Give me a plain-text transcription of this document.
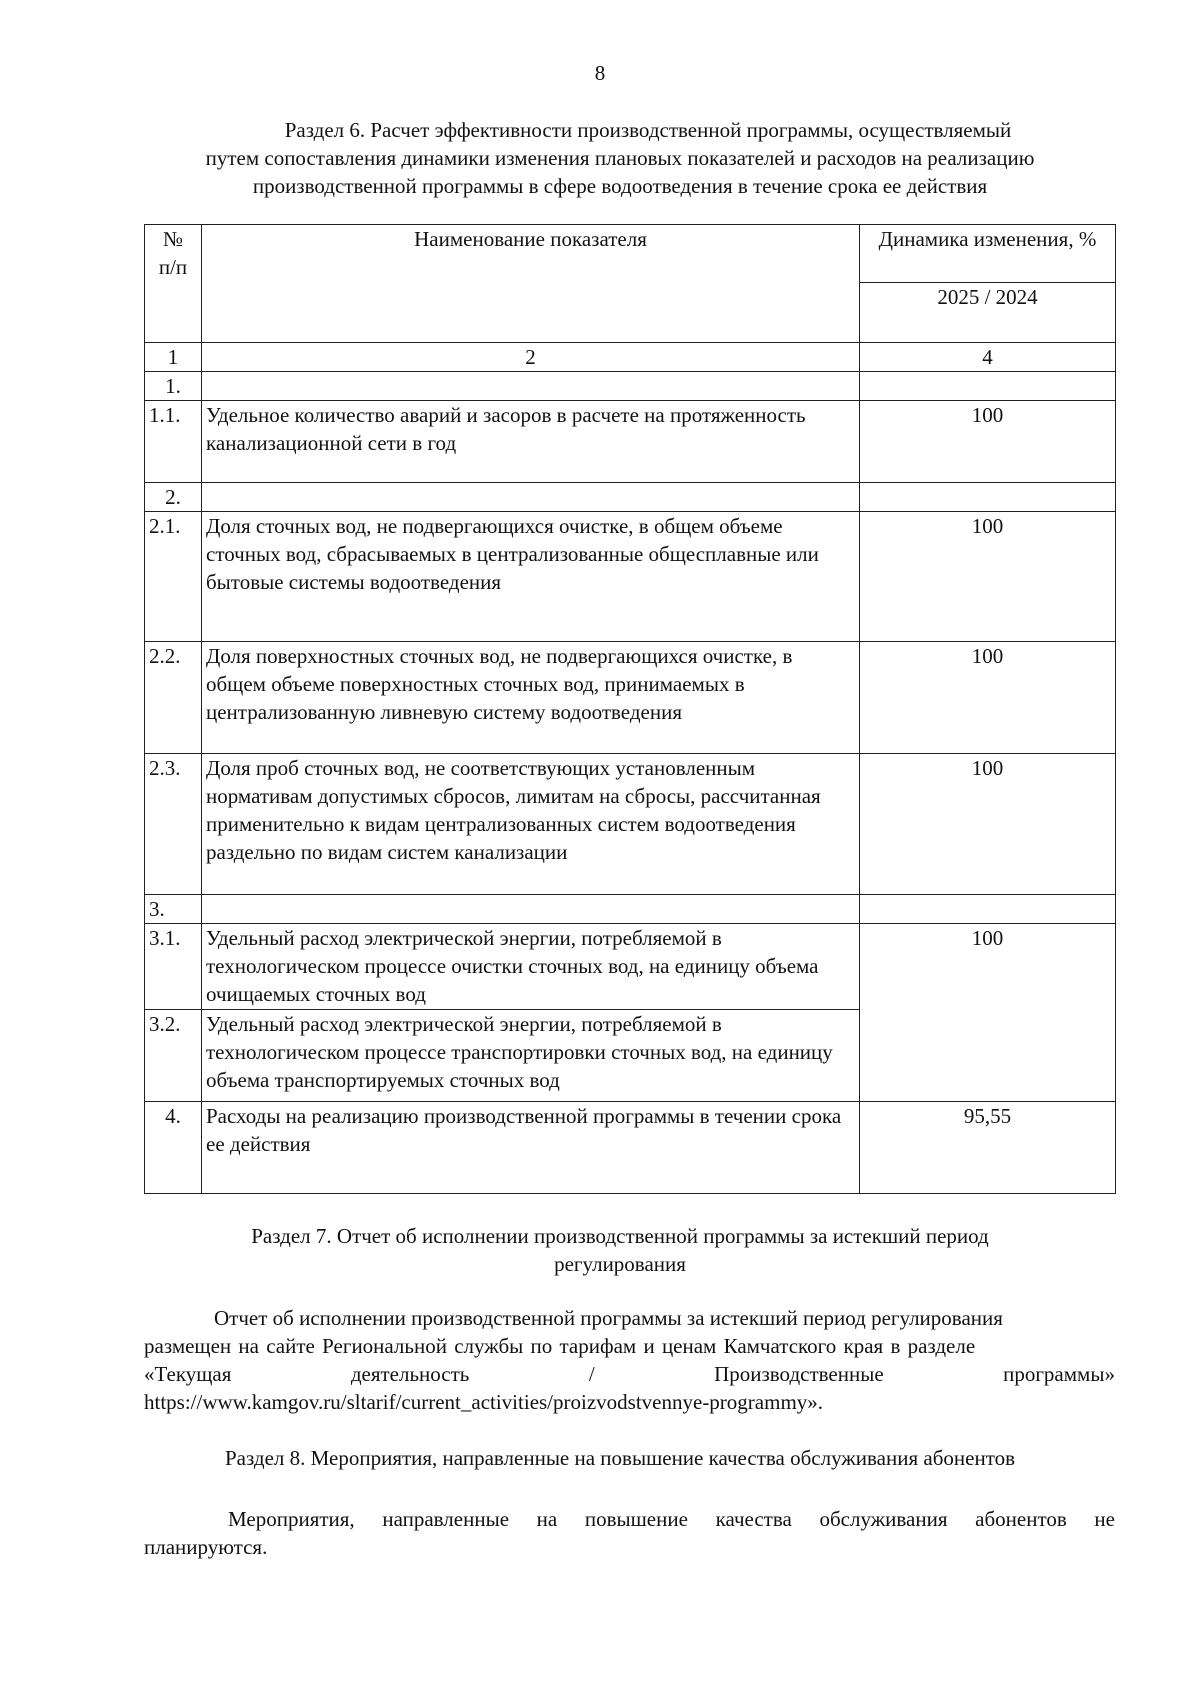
8
Раздел 6. Расчет эффективности производственной программы, осуществляемый
путем сопоставления динамики изменения плановых показателей и расходов на реализацию
производственной программы в сфере водоотведения в течение срока ее действия
№ п/п	Наименование показателя	Динамика изменения, %
		2025 / 2024
1	2	4
1.		
1.1.	Удельное количество аварий и засоров в расчете на протяженность канализационной сети в год	100
2.		
2.1.	Доля сточных вод, не подвергающихся очистке, в общем объеме сточных вод, сбрасываемых в централизованные общесплавные или бытовые системы водоотведения	100
2.2.	Доля поверхностных сточных вод, не подвергающихся очистке, в общем объеме поверхностных сточных вод, принимаемых в централизованную ливневую систему водоотведения	100
2.3.	Доля проб сточных вод, не соответствующих установленным нормативам допустимых сбросов, лимитам на сбросы, рассчитанная применительно к видам централизованных систем водоотведения раздельно по видам систем канализации	100
3.		
3.1.	Удельный расход электрической энергии, потребляемой в технологическом процессе очистки сточных вод, на единицу объема очищаемых сточных вод	100
3.2.	Удельный расход электрической энергии, потребляемой в технологическом процессе транспортировки сточных вод, на единицу объема транспортируемых сточных вод	
4.	Расходы на реализацию производственной программы в течении срока ее действия	95,55
Раздел 7. Отчет об исполнении производственной программы за истекший период
регулирования
Отчет об исполнении производственной программы за истекший период регулирования
размещен на сайте Региональной службы по тарифам и ценам Камчатского края в разделе
«Текущая	деятельность	/	Производственные	программы»
https://www.kamgov.ru/sltarif/current_activities/proizvodstvennye-programmy».
Раздел 8. Мероприятия, направленные на повышение качества обслуживания абонентов
Мероприятия, направленные на повышение качества обслуживания абонентов не планируются.
